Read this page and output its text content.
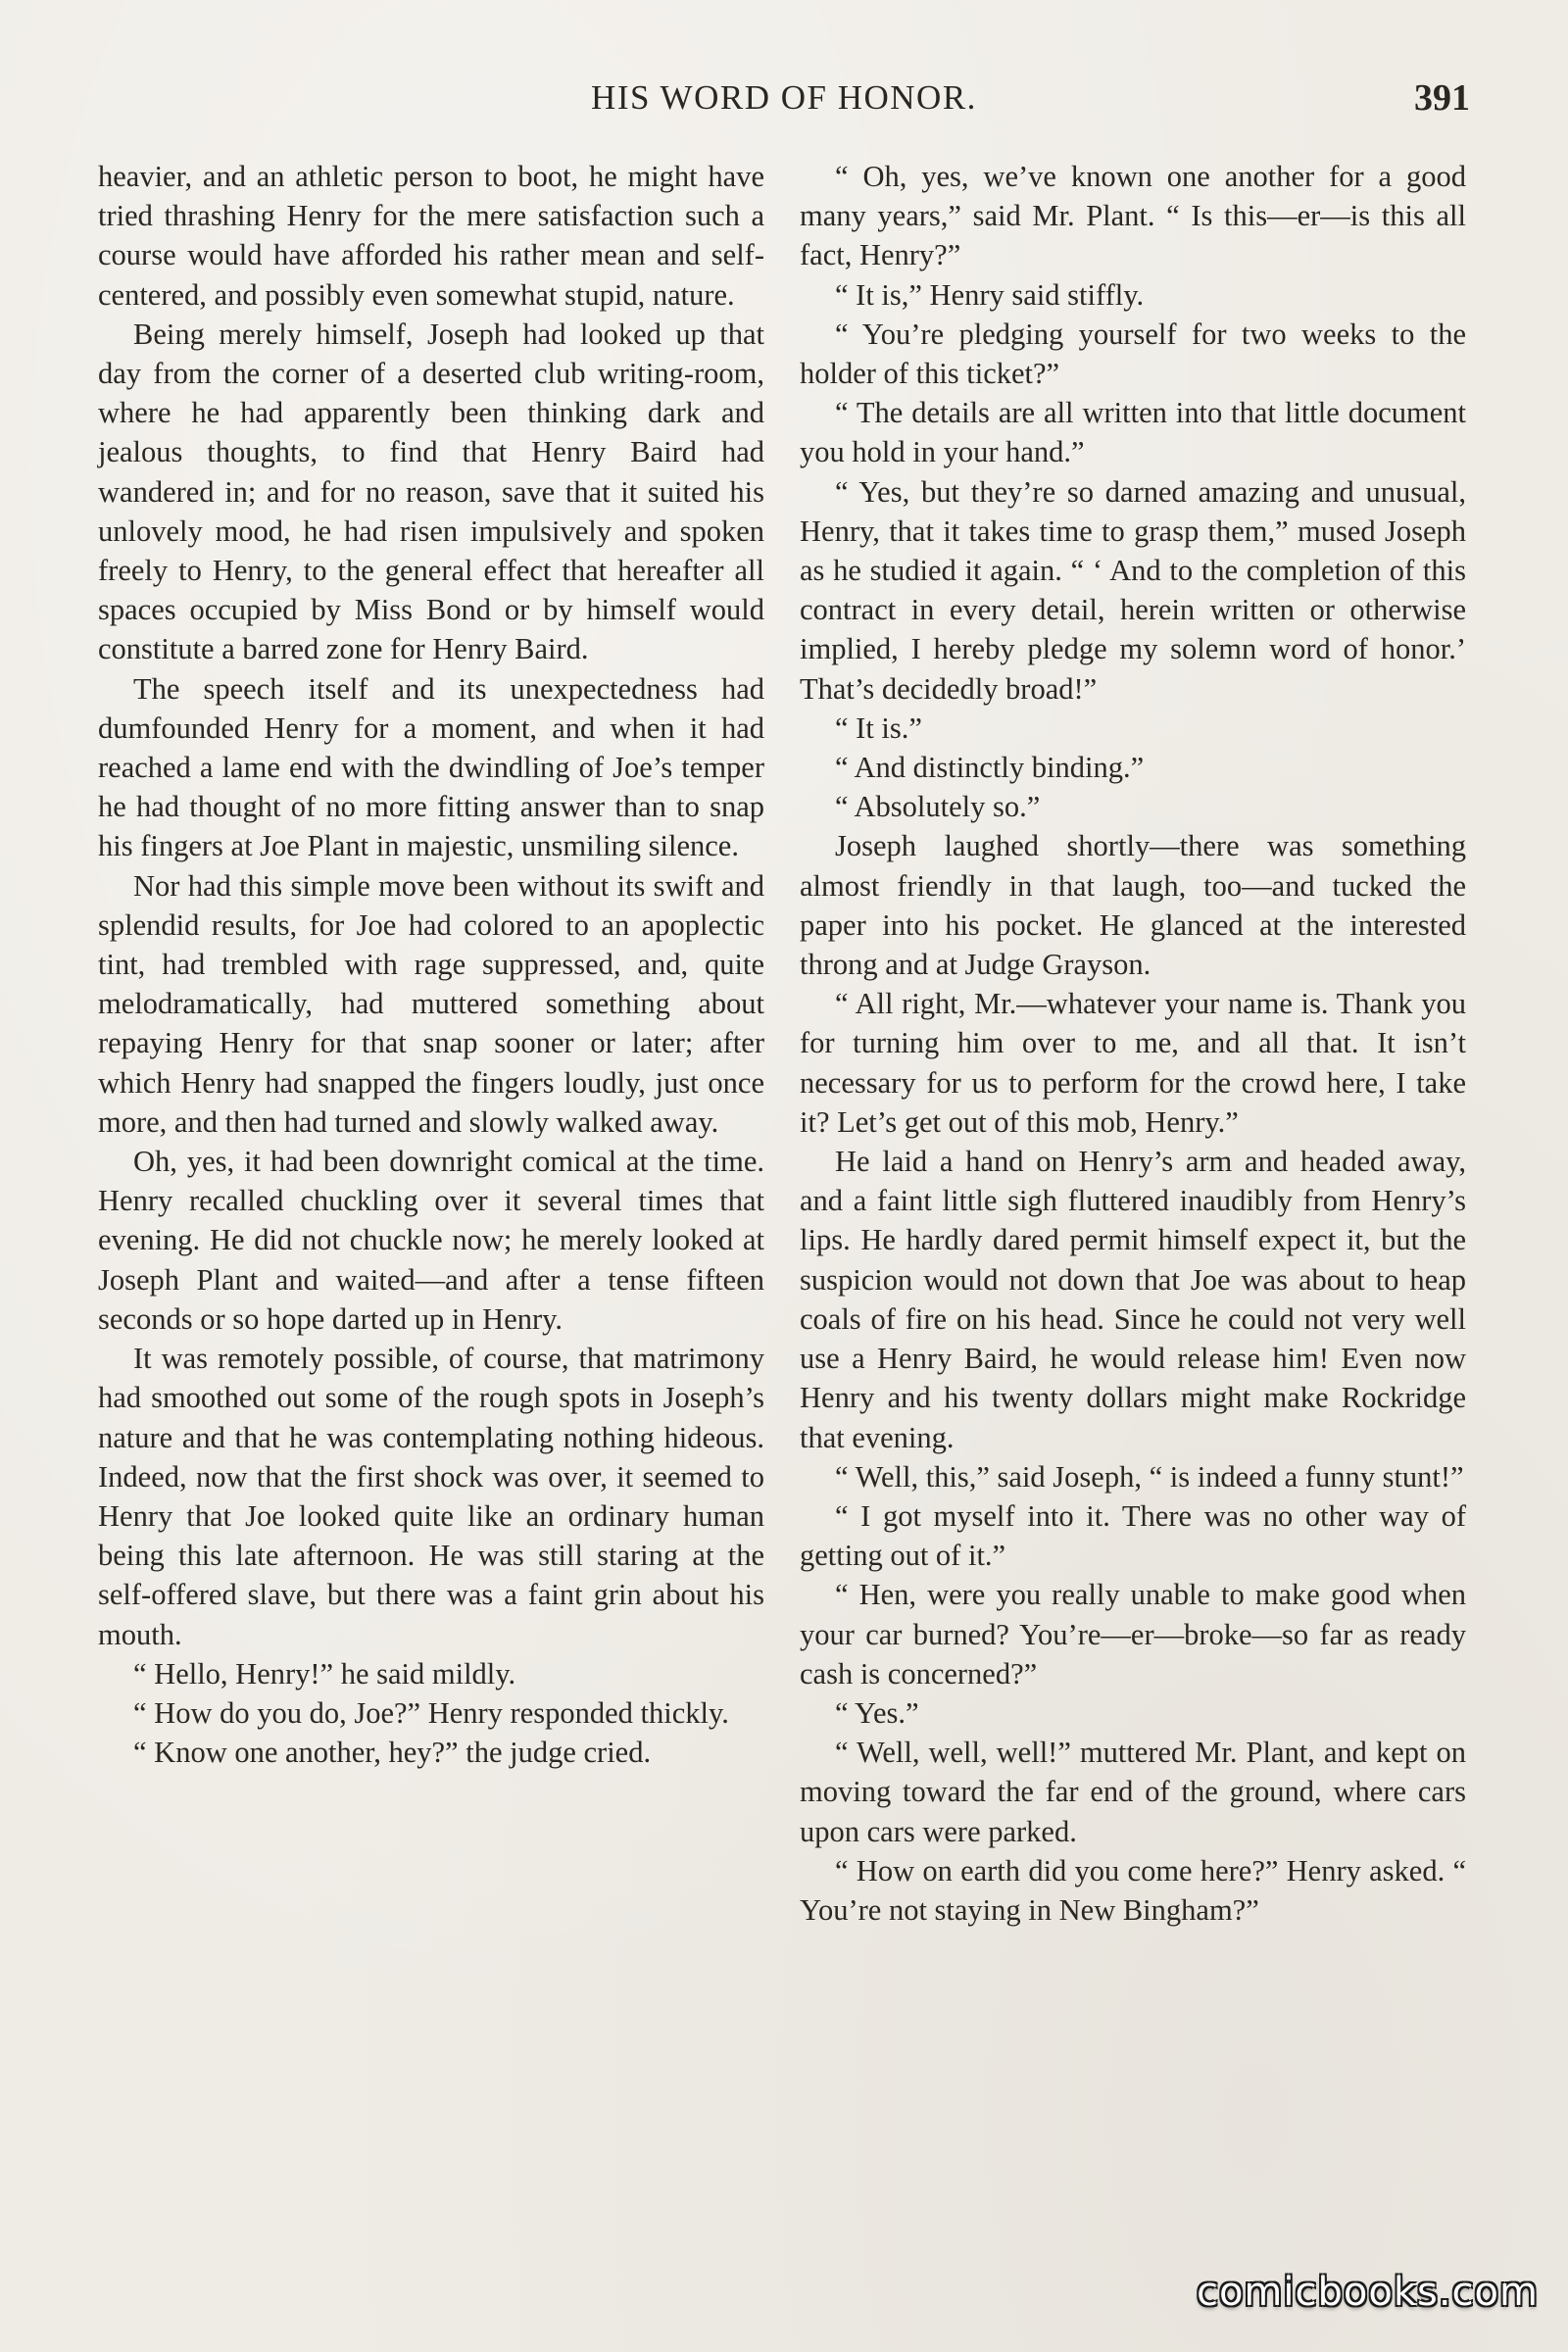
HIS WORD OF HONOR.	391

heavier, and an athletic person to boot, he might have tried thrashing Henry for the mere satisfaction such a course would have afforded his rather mean and self-centered, and possibly even somewhat stupid, nature.

Being merely himself, Joseph had looked up that day from the corner of a deserted club writing-room, where he had apparently been thinking dark and jealous thoughts, to find that Henry Baird had wandered in; and for no reason, save that it suited his unlovely mood, he had risen impulsively and spoken freely to Henry, to the general effect that hereafter all spaces occupied by Miss Bond or by himself would constitute a barred zone for Henry Baird.

The speech itself and its unexpectedness had dumfounded Henry for a moment, and when it had reached a lame end with the dwindling of Joe’s temper he had thought of no more fitting answer than to snap his fingers at Joe Plant in majestic, unsmiling silence.

Nor had this simple move been without its swift and splendid results, for Joe had colored to an apoplectic tint, had trembled with rage suppressed, and, quite melodramatically, had muttered something about repaying Henry for that snap sooner or later; after which Henry had snapped the fingers loudly, just once more, and then had turned and slowly walked away.

Oh, yes, it had been downright comical at the time. Henry recalled chuckling over it several times that evening. He did not chuckle now; he merely looked at Joseph Plant and waited—and after a tense fifteen seconds or so hope darted up in Henry.

It was remotely possible, of course, that matrimony had smoothed out some of the rough spots in Joseph’s nature and that he was contemplating nothing hideous. Indeed, now that the first shock was over, it seemed to Henry that Joe looked quite like an ordinary human being this late afternoon. He was still staring at the self-offered slave, but there was a faint grin about his mouth.

“ Hello, Henry!” he said mildly.

“ How do you do, Joe?” Henry responded thickly.

“ Know one another, hey?” the judge cried.

“ Oh, yes, we’ve known one another for a good many years,” said Mr. Plant. “ Is this—er—is this all fact, Henry?”

“ It is,” Henry said stiffly.

“ You’re pledging yourself for two weeks to the holder of this ticket?”

“ The details are all written into that little document you hold in your hand.”

“ Yes, but they’re so darned amazing and unusual, Henry, that it takes time to grasp them,” mused Joseph as he studied it again. “ ‘ And to the completion of this contract in every detail, herein written or otherwise implied, I hereby pledge my solemn word of honor.’ That’s decidedly broad!”

“ It is.”

“ And distinctly binding.”

“ Absolutely so.”

Joseph laughed shortly—there was something almost friendly in that laugh, too—and tucked the paper into his pocket. He glanced at the interested throng and at Judge Grayson.

“ All right, Mr.—whatever your name is. Thank you for turning him over to me, and all that. It isn’t necessary for us to perform for the crowd here, I take it? Let’s get out of this mob, Henry.”

He laid a hand on Henry’s arm and headed away, and a faint little sigh fluttered inaudibly from Henry’s lips. He hardly dared permit himself expect it, but the suspicion would not down that Joe was about to heap coals of fire on his head. Since he could not very well use a Henry Baird, he would release him! Even now Henry and his twenty dollars might make Rockridge that evening.

“ Well, this,” said Joseph, “ is indeed a funny stunt!”

“ I got myself into it. There was no other way of getting out of it.”

“ Hen, were you really unable to make good when your car burned? You’re—er—broke—so far as ready cash is concerned?”

“ Yes.”

“ Well, well, well!” muttered Mr. Plant, and kept on moving toward the far end of the ground, where cars upon cars were parked.

“ How on earth did you come here?” Henry asked. “ You’re not staying in New Bingham?”

comicbooks.com
